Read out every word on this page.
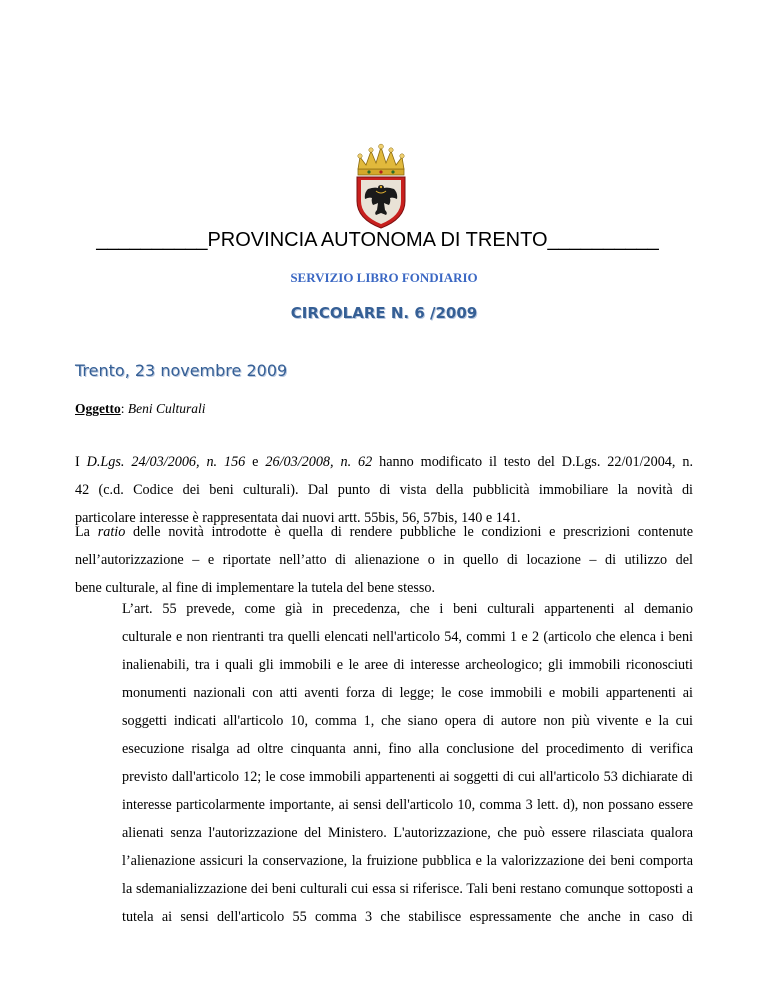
__________PROVINCIA AUTONOMA DI TRENTO__________
SERVIZIO LIBRO FONDIARIO
CIRCOLARE N. 6 /2009
Trento, 23 novembre 2009
Oggetto: Beni Culturali
I D.Lgs. 24/03/2006, n. 156 e 26/03/2008, n. 62 hanno modificato il testo del D.Lgs. 22/01/2004, n.
42 (c.d. Codice dei beni culturali). Dal punto di vista della pubblicità immobiliare la novità di
particolare interesse è rappresentata dai nuovi artt. 55bis, 56, 57bis, 140 e 141.
La ratio delle novità introdotte è quella di rendere pubbliche le condizioni e prescrizioni contenute
nell’autorizzazione – e riportate nell’atto di alienazione o in quello di locazione – di utilizzo del
bene culturale, al fine di implementare la tutela del bene stesso.
L’art. 55 prevede, come già in precedenza, che i beni culturali appartenenti al demanio
culturale e non rientranti tra quelli elencati nell'articolo 54, commi 1 e 2 (articolo che elenca i beni
inalienabili, tra i quali gli immobili e le aree di interesse archeologico; gli immobili riconosciuti
monumenti nazionali con atti aventi forza di legge; le cose immobili e mobili appartenenti ai
soggetti indicati all'articolo 10, comma 1, che siano opera di autore non più vivente e la cui
esecuzione risalga ad oltre cinquanta anni, fino alla conclusione del procedimento di verifica
previsto dall'articolo 12; le cose immobili appartenenti ai soggetti di cui all'articolo 53 dichiarate di
interesse particolarmente importante, ai sensi dell'articolo 10, comma 3 lett. d), non possano essere
alienati senza l'autorizzazione del Ministero. L'autorizzazione, che può essere rilasciata qualora
l’alienazione assicuri la conservazione, la fruizione pubblica e la valorizzazione dei beni comporta
la sdemanializzazione dei beni culturali cui essa si riferisce. Tali beni restano comunque sottoposti a
tutela ai sensi dell'articolo 55 comma 3 che stabilisce espressamente che anche in caso di
